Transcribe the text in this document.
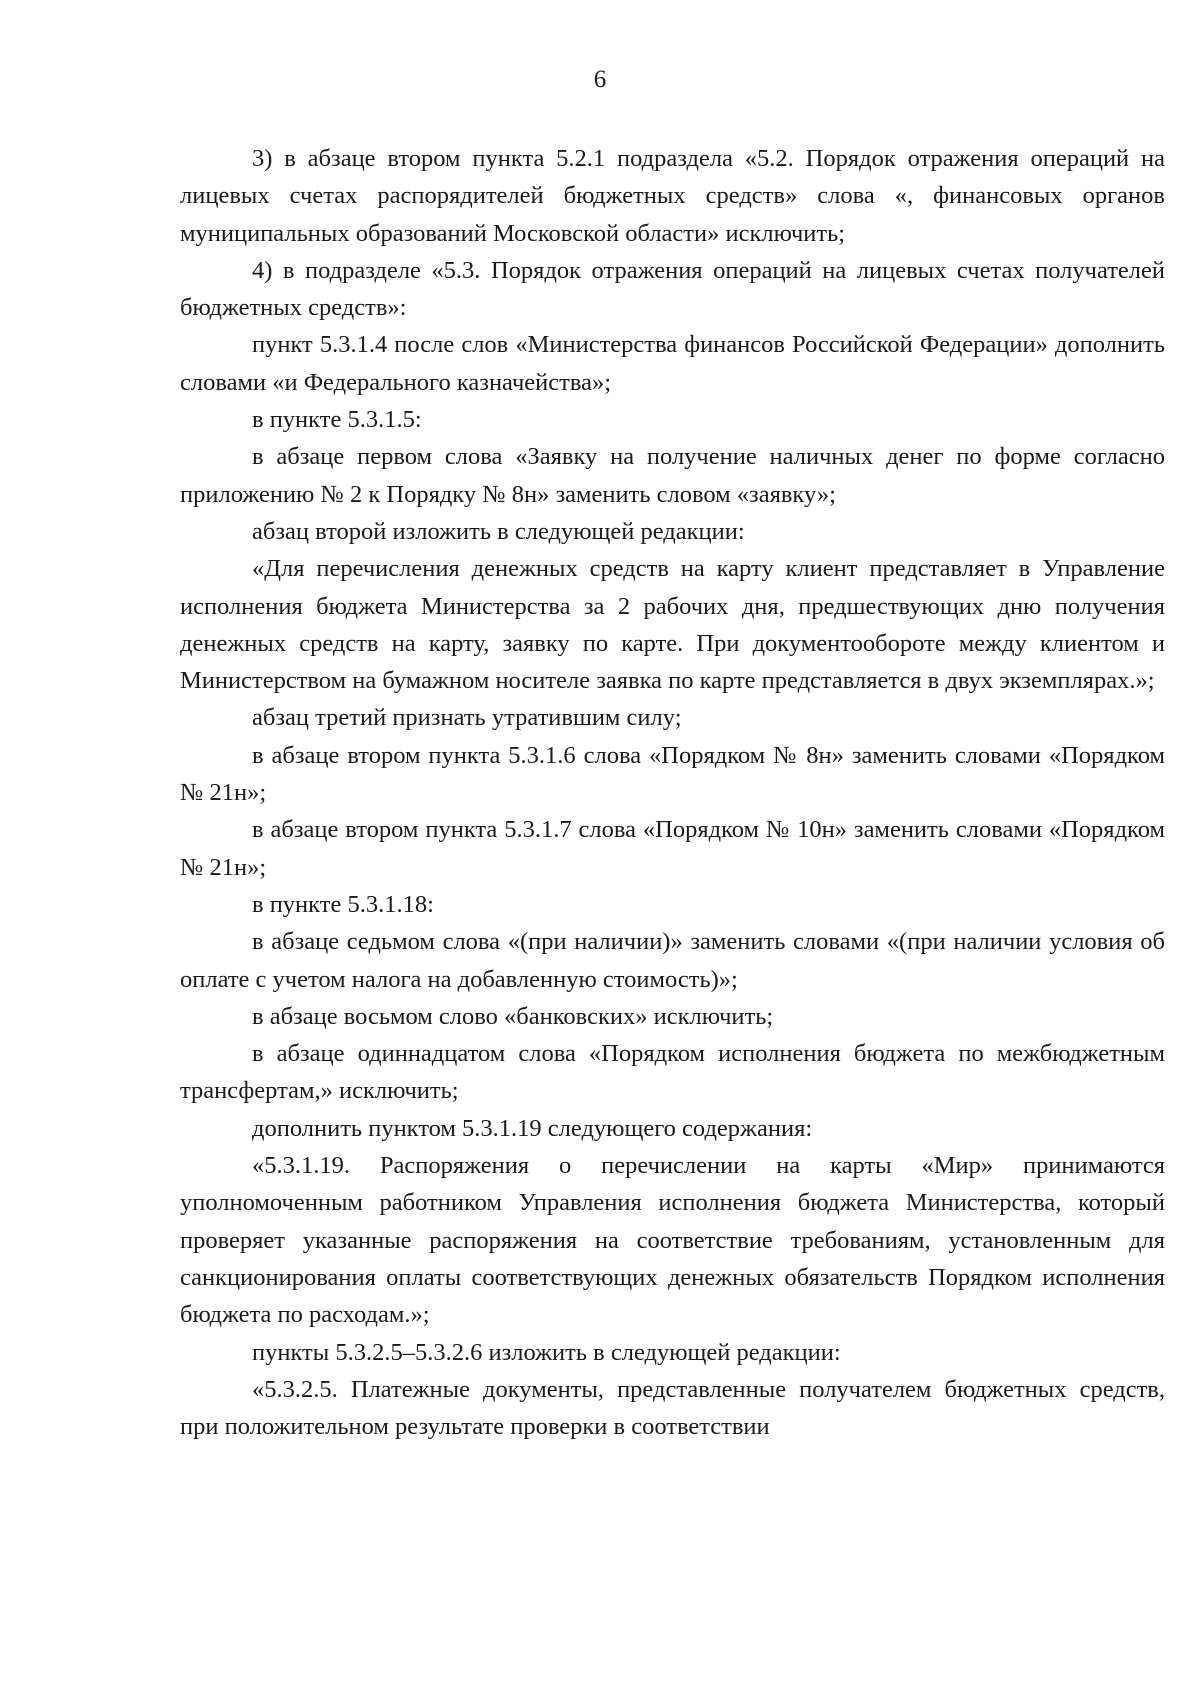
6

3) в абзаце втором пункта 5.2.1 подраздела «5.2. Порядок отражения операций на лицевых счетах распорядителей бюджетных средств» слова «, финансовых органов муниципальных образований Московской области» исключить;

4) в подразделе «5.3. Порядок отражения операций на лицевых счетах получателей бюджетных средств»:

пункт 5.3.1.4 после слов «Министерства финансов Российской Федерации» дополнить словами «и Федерального казначейства»;

в пункте 5.3.1.5:

в абзаце первом слова «Заявку на получение наличных денег по форме согласно приложению № 2 к Порядку № 8н» заменить словом «заявку»;

абзац второй изложить в следующей редакции:

«Для перечисления денежных средств на карту клиент представляет в Управление исполнения бюджета Министерства за 2 рабочих дня, предшествующих дню получения денежных средств на карту, заявку по карте. При документообороте между клиентом и Министерством на бумажном носителе заявка по карте представляется в двух экземплярах.»;

абзац третий признать утратившим силу;

в абзаце втором пункта 5.3.1.6 слова «Порядком № 8н» заменить словами «Порядком № 21н»;

в абзаце втором пункта 5.3.1.7 слова «Порядком № 10н» заменить словами «Порядком № 21н»;

в пункте 5.3.1.18:

в абзаце седьмом слова «(при наличии)» заменить словами «(при наличии условия об оплате с учетом налога на добавленную стоимость)»;

в абзаце восьмом слово «банковских» исключить;

в абзаце одиннадцатом слова «Порядком исполнения бюджета по межбюджетным трансфертам,» исключить;

дополнить пунктом 5.3.1.19 следующего содержания:

«5.3.1.19. Распоряжения о перечислении на карты «Мир» принимаются уполномоченным работником Управления исполнения бюджета Министерства, который проверяет указанные распоряжения на соответствие требованиям, установленным для санкционирования оплаты соответствующих денежных обязательств Порядком исполнения бюджета по расходам.»;

пункты 5.3.2.5–5.3.2.6 изложить в следующей редакции:

«5.3.2.5. Платежные документы, представленные получателем бюджетных средств, при положительном результате проверки в соответствии
